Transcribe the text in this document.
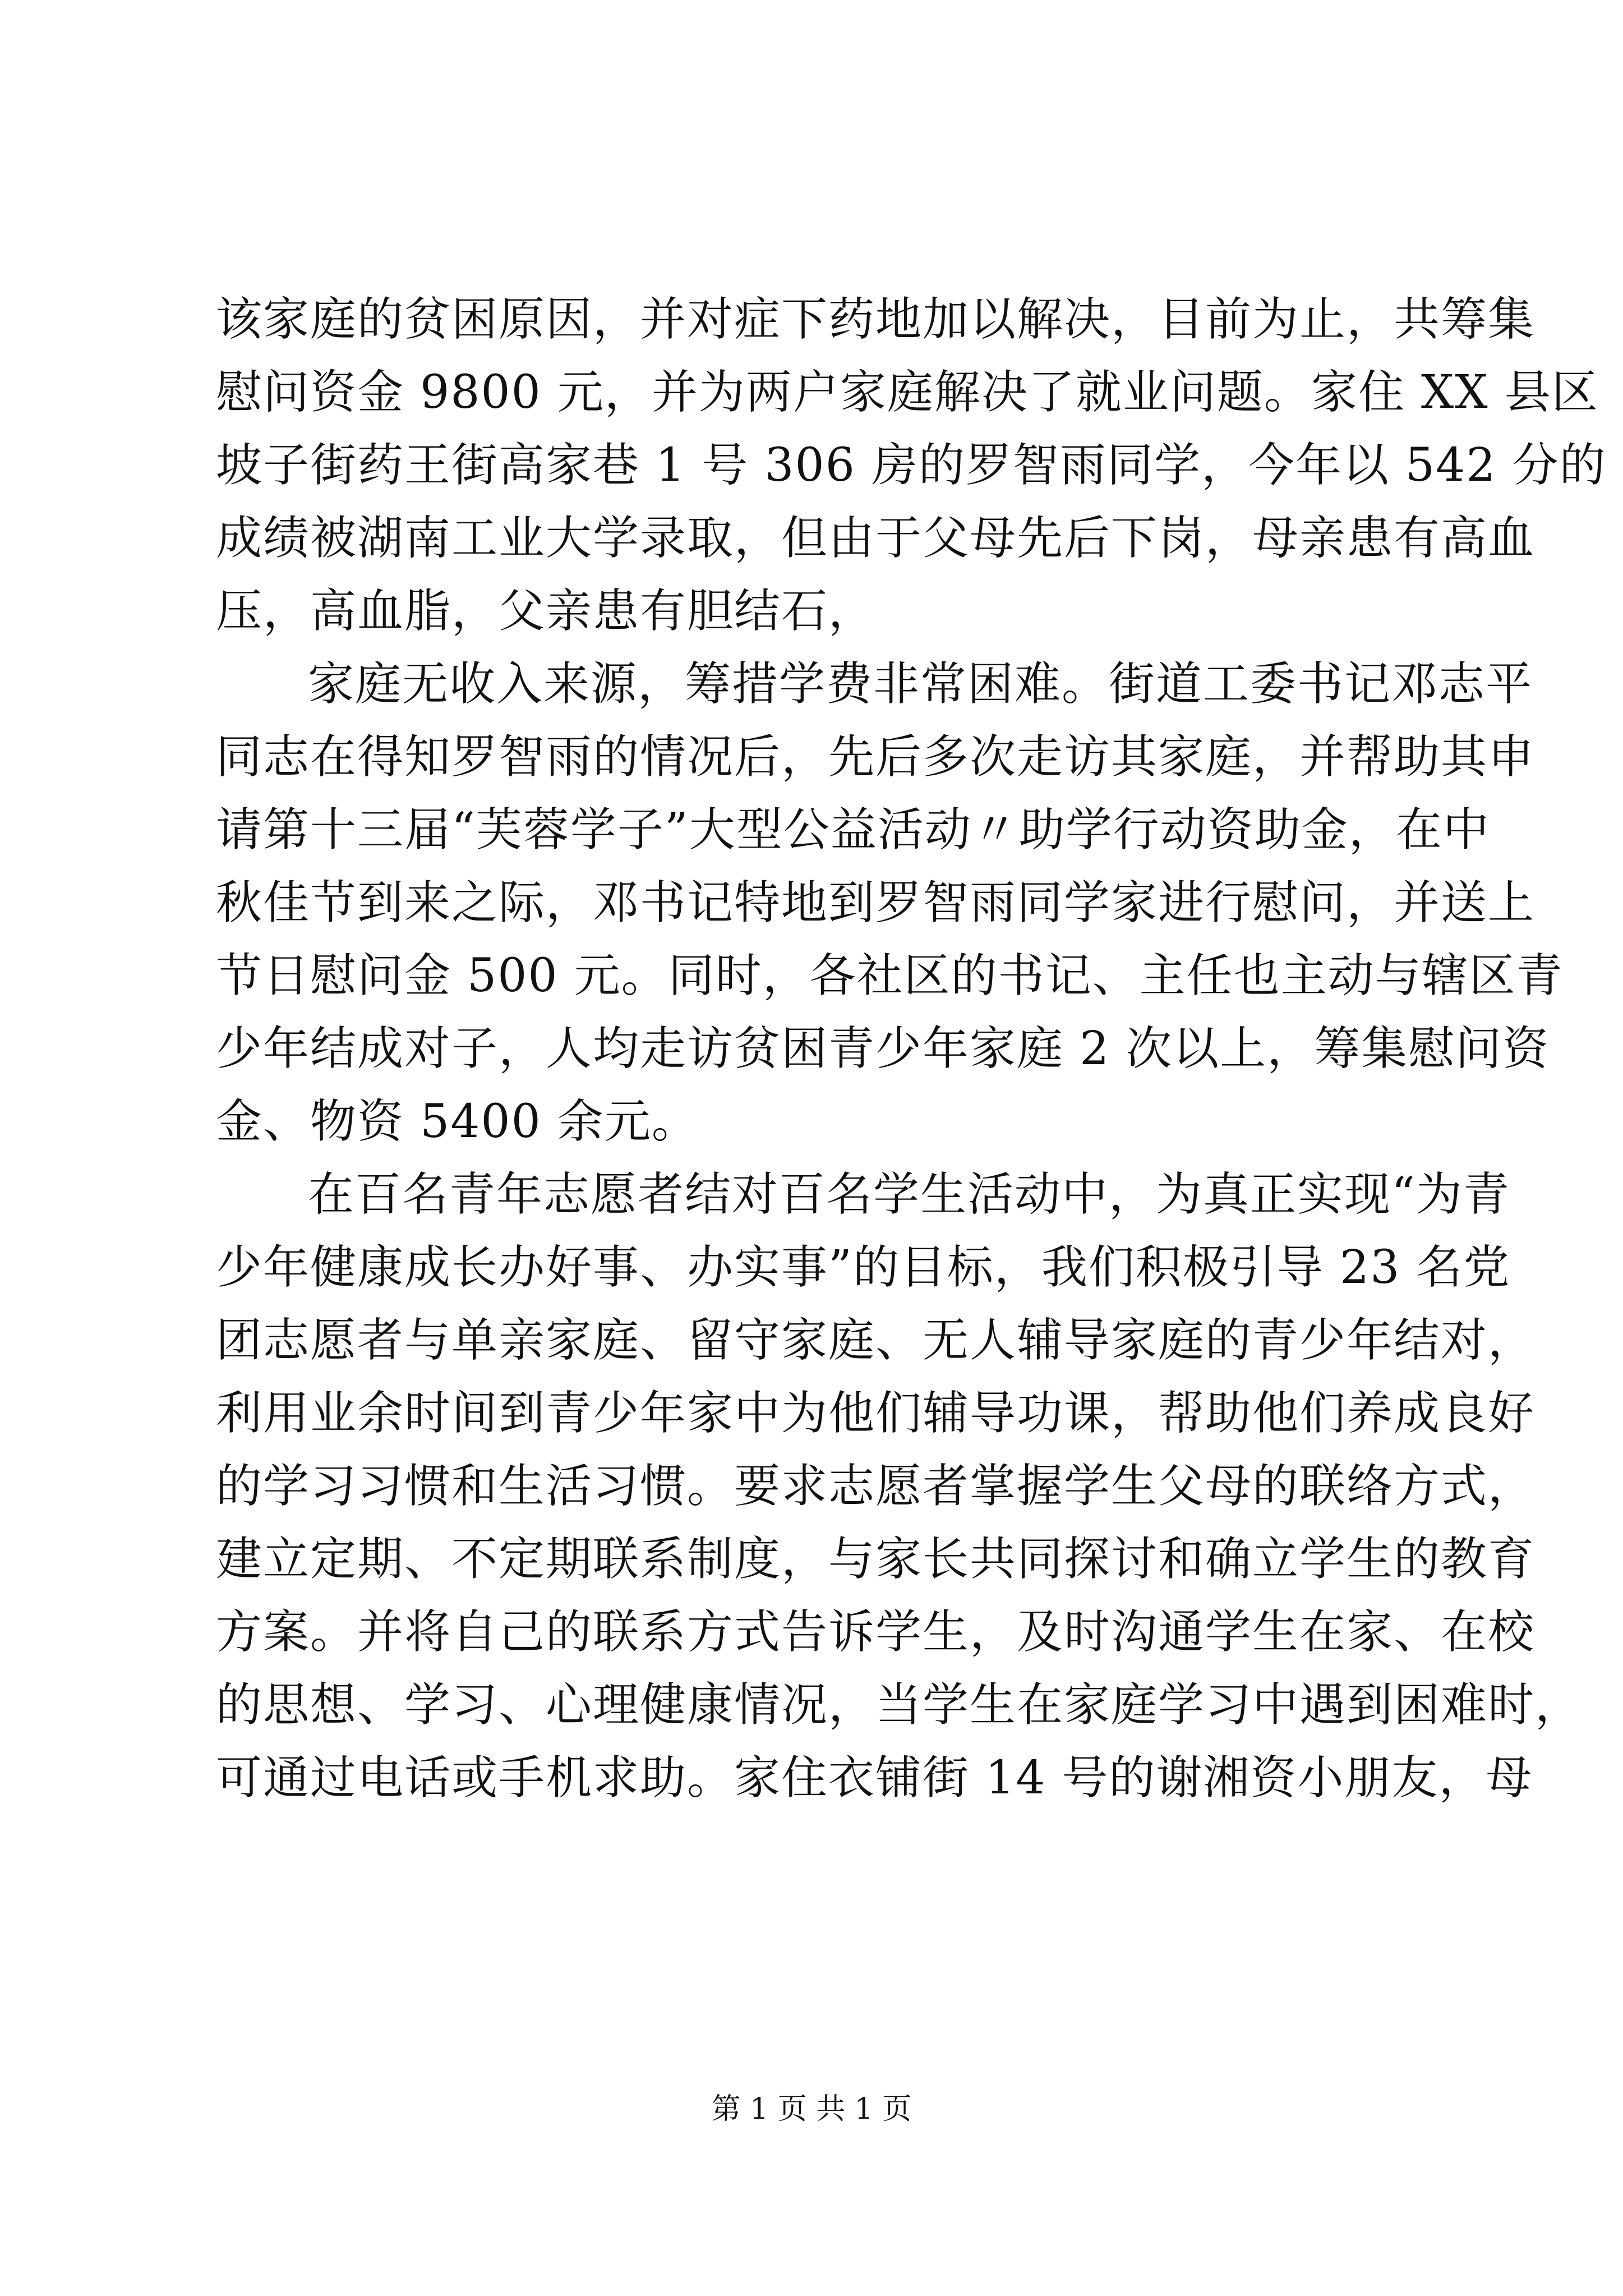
该家庭的贫困原因，并对症下药地加以解决，目前为止，共筹集
慰问资金 9800 元，并为两户家庭解决了就业问题。家住 XX 县区
坡子街药王街高家巷 1 号 306 房的罗智雨同学，今年以 542 分的
成绩被湖南工业大学录取，但由于父母先后下岗，母亲患有高血
压，高血脂，父亲患有胆结石，
家庭无收入来源，筹措学费非常困难。街道工委书记邓志平
同志在得知罗智雨的情况后，先后多次走访其家庭，并帮助其申
请第十三届“芙蓉学子”大型公益活动〃助学行动资助金，在中
秋佳节到来之际，邓书记特地到罗智雨同学家进行慰问，并送上
节日慰问金 500 元。同时，各社区的书记、主任也主动与辖区青
少年结成对子，人均走访贫困青少年家庭 2 次以上，筹集慰问资
金、物资 5400 余元。
在百名青年志愿者结对百名学生活动中，为真正实现“为青
少年健康成长办好事、办实事”的目标，我们积极引导 23 名党
团志愿者与单亲家庭、留守家庭、无人辅导家庭的青少年结对，
利用业余时间到青少年家中为他们辅导功课，帮助他们养成良好
的学习习惯和生活习惯。要求志愿者掌握学生父母的联络方式，
建立定期、不定期联系制度，与家长共同探讨和确立学生的教育
方案。并将自己的联系方式告诉学生，及时沟通学生在家、在校
的思想、学习、心理健康情况，当学生在家庭学习中遇到困难时，
可通过电话或手机求助。家住衣铺街 14 号的谢湘资小朋友，母
第 1 页 共 1 页
